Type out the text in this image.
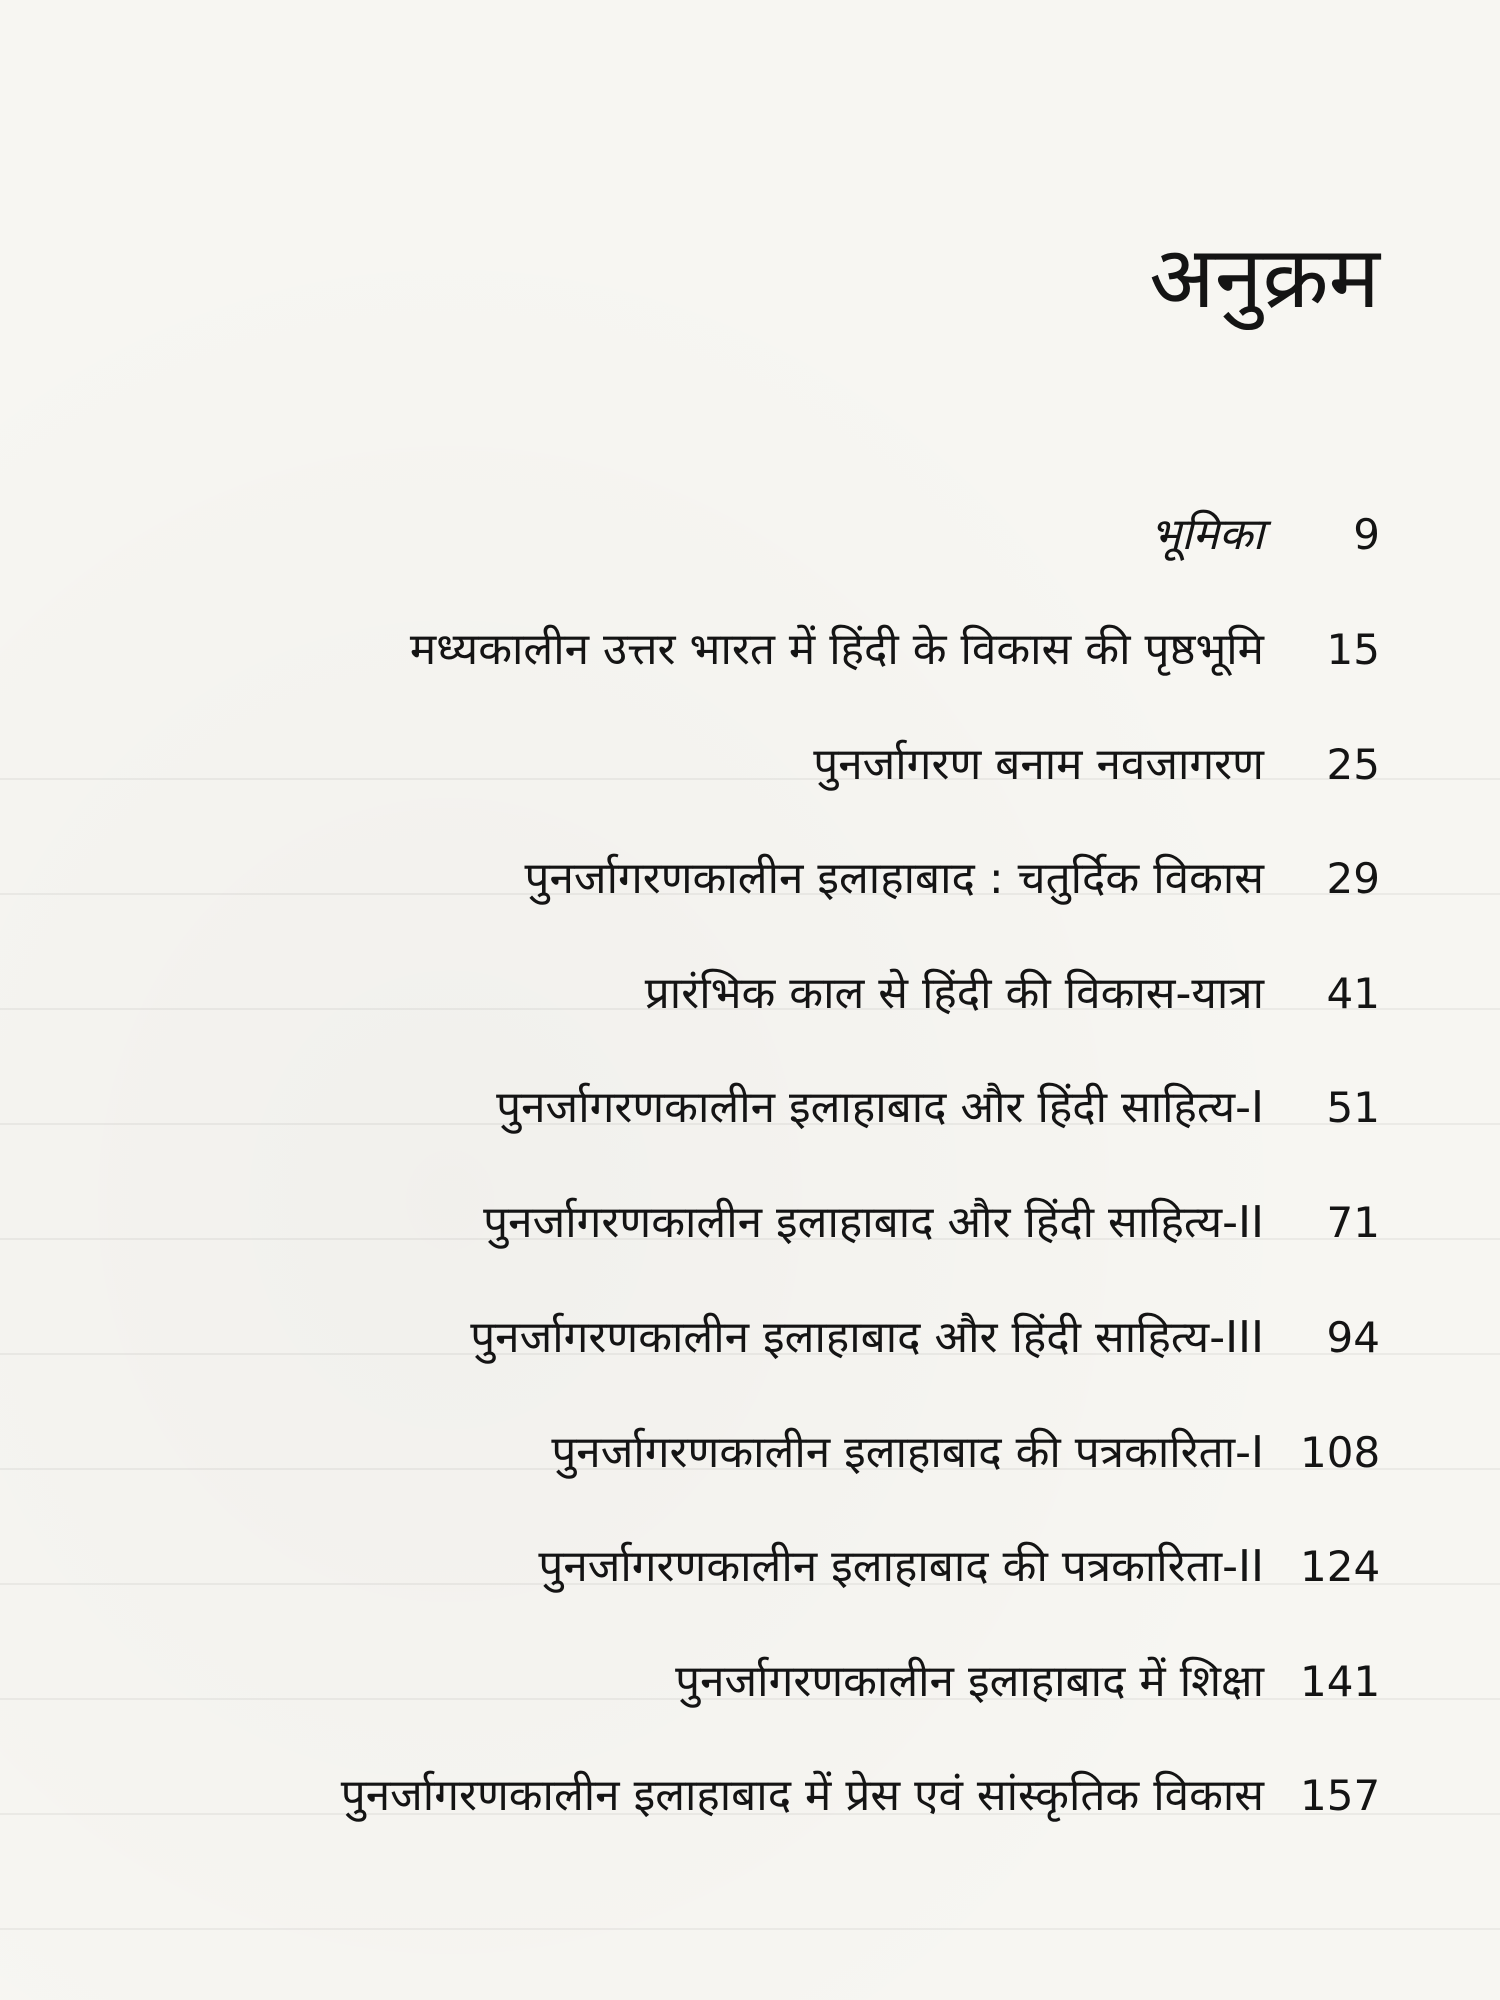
अनुक्रम
भूमिका	9
मध्यकालीन उत्तर भारत में हिंदी के विकास की पृष्ठभूमि	15
पुनर्जागरण बनाम नवजागरण	25
पुनर्जागरणकालीन इलाहाबाद : चतुर्दिक विकास	29
प्रारंभिक काल से हिंदी की विकास-यात्रा	41
पुनर्जागरणकालीन इलाहाबाद और हिंदी साहित्य-I	51
पुनर्जागरणकालीन इलाहाबाद और हिंदी साहित्य-II	71
पुनर्जागरणकालीन इलाहाबाद और हिंदी साहित्य-III	94
पुनर्जागरणकालीन इलाहाबाद की पत्रकारिता-I 108
पुनर्जागरणकालीन इलाहाबाद की पत्रकारिता-II 124
पुनर्जागरणकालीन इलाहाबाद में शिक्षा 141
पुनर्जागरणकालीन इलाहाबाद में प्रेस एवं सांस्कृतिक विकास 157
